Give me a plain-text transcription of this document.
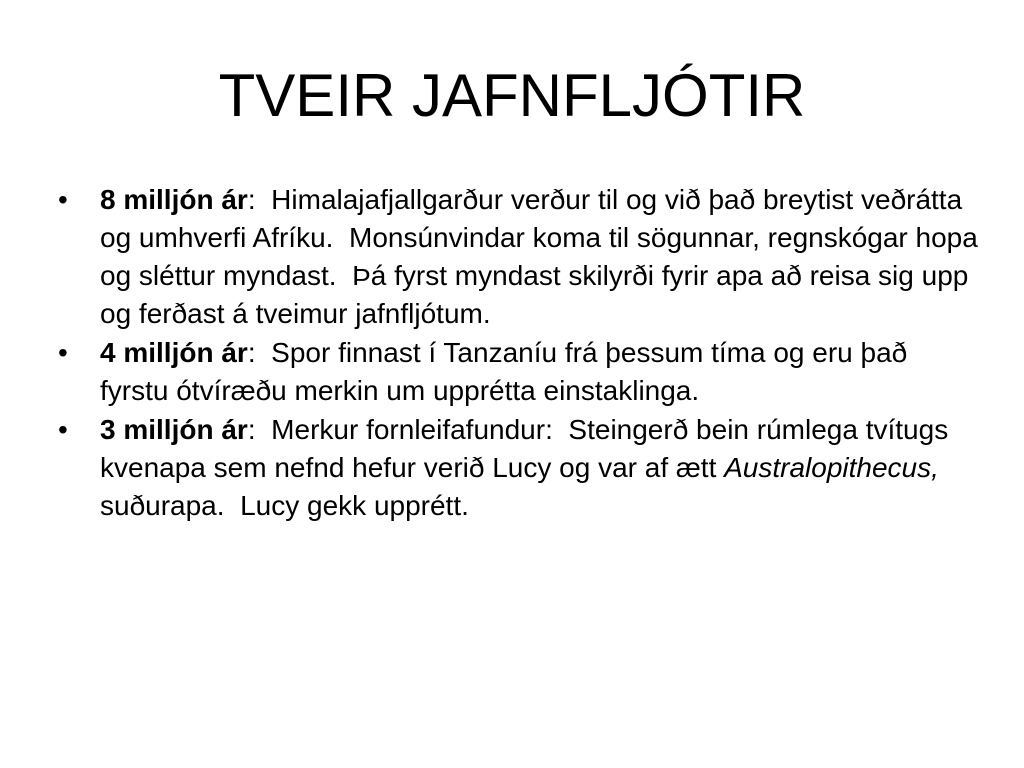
TVEIR JAFNFLJÓTIR
• 8 milljón ár:  Himalajafjallgarður verður til og við það breytist veðrátta og umhverfi Afríku.  Monsúnvindar koma til sögunnar, regnskógar hopa og sléttur myndast.  Þá fyrst myndast skilyrði fyrir apa að reisa sig upp og ferðast á tveimur jafnfljótum.
• 4 milljón ár:  Spor finnast í Tanzaníu frá þessum tíma og eru það fyrstu ótvíræðu merkin um upprétta einstaklinga.
• 3 milljón ár:  Merkur fornleifafundur:  Steingerð bein rúmlega tvítugs kvenapa sem nefnd hefur verið Lucy og var af ætt Australopithecus, suðurapa.  Lucy gekk upprétt.
